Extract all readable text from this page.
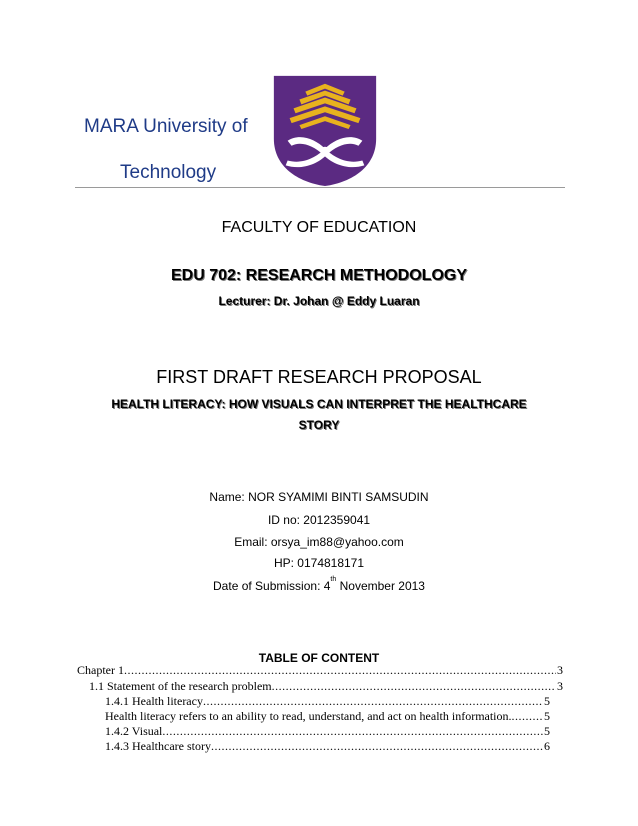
MARA University of
Technology
FACULTY OF EDUCATION
EDU 702: RESEARCH METHODOLOGY
Lecturer: Dr. Johan @ Eddy Luaran
FIRST DRAFT RESEARCH PROPOSAL
HEALTH LITERACY: HOW VISUALS CAN INTERPRET THE HEALTHCARE
STORY
Name: NOR SYAMIMI BINTI SAMSUDIN
ID no: 2012359041
Email: orsya_im88@yahoo.com
HP: 0174818171
Date of Submission: 4th November 2013
TABLE OF CONTENT
Chapter 1 .....	3
1.1 Statement of the research problem .....	3
1.4.1 Health literacy .....	5
Health literacy refers to an ability to read, understand, and act on health information. .....	5
1.4.2 Visual .....	5
1.4.3 Healthcare story .....	6
